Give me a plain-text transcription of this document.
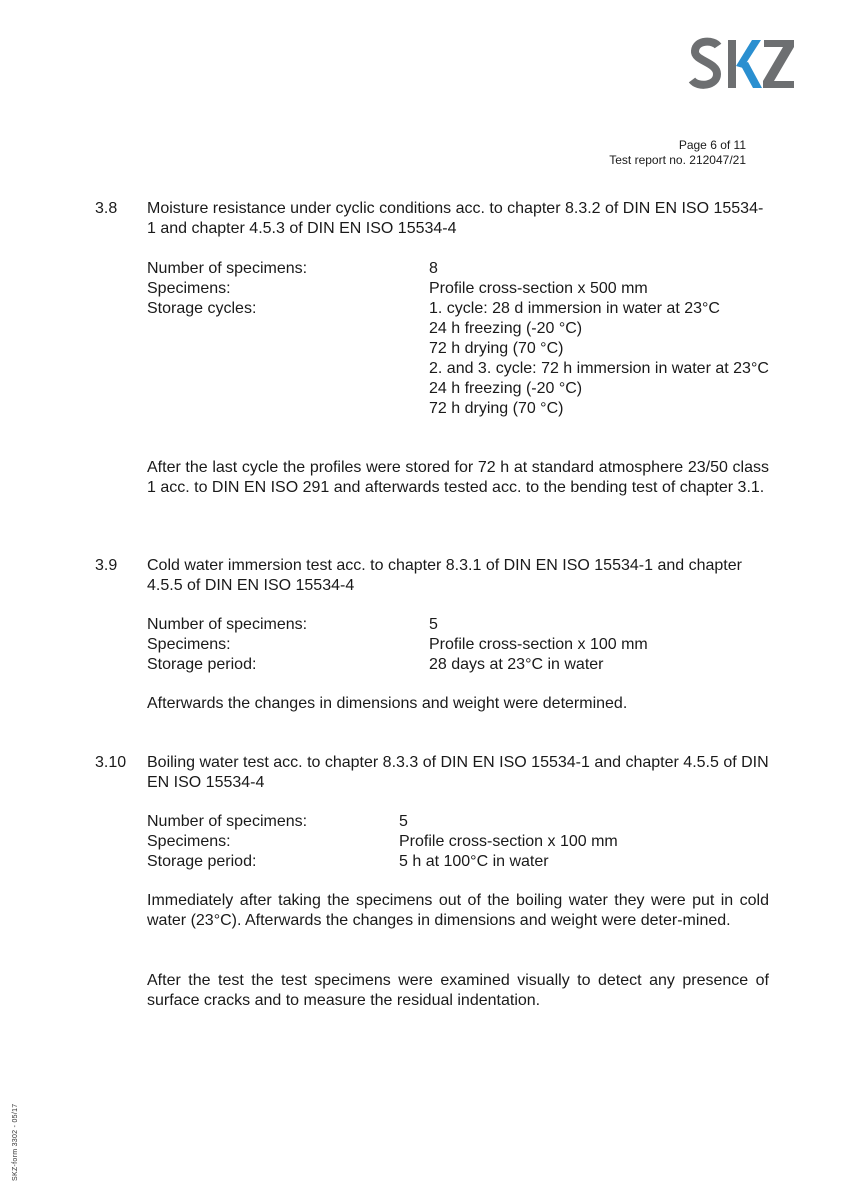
Page 6 of 11
Test report no. 212047/21
3.8 Moisture resistance under cyclic conditions acc. to chapter 8.3.2 of DIN EN ISO 15534-1 and chapter 4.5.3 of DIN EN ISO 15534-4
Number of specimens:	8
Specimens:	Profile cross-section x 500 mm
Storage cycles:	1. cycle: 28 d immersion in water at 23°C
24 h freezing (-20 °C)
72 h drying (70 °C)
2. and 3. cycle: 72 h immersion in water at 23°C
24 h freezing (-20 °C)
72 h drying (70 °C)
After the last cycle the profiles were stored for 72 h at standard atmosphere 23/50 class 1 acc. to DIN EN ISO 291 and afterwards tested acc. to the bending test of chapter 3.1.
3.9 Cold water immersion test acc. to chapter 8.3.1 of DIN EN ISO 15534-1 and chapter 4.5.5 of DIN EN ISO 15534-4
Number of specimens:	5
Specimens:	Profile cross-section x 100 mm
Storage period:	28 days at 23°C in water
Afterwards the changes in dimensions and weight were determined.
3.10 Boiling water test acc. to chapter 8.3.3 of DIN EN ISO 15534-1 and chapter 4.5.5 of DIN EN ISO 15534-4
Number of specimens:	5
Specimens:	Profile cross-section x 100 mm
Storage period:	5 h at 100°C in water
Immediately after taking the specimens out of the boiling water they were put in cold water (23°C). Afterwards the changes in dimensions and weight were deter-mined.
After the test the test specimens were examined visually to detect any presence of surface cracks and to measure the residual indentation.
SKZ-form 3302 - 05/17
